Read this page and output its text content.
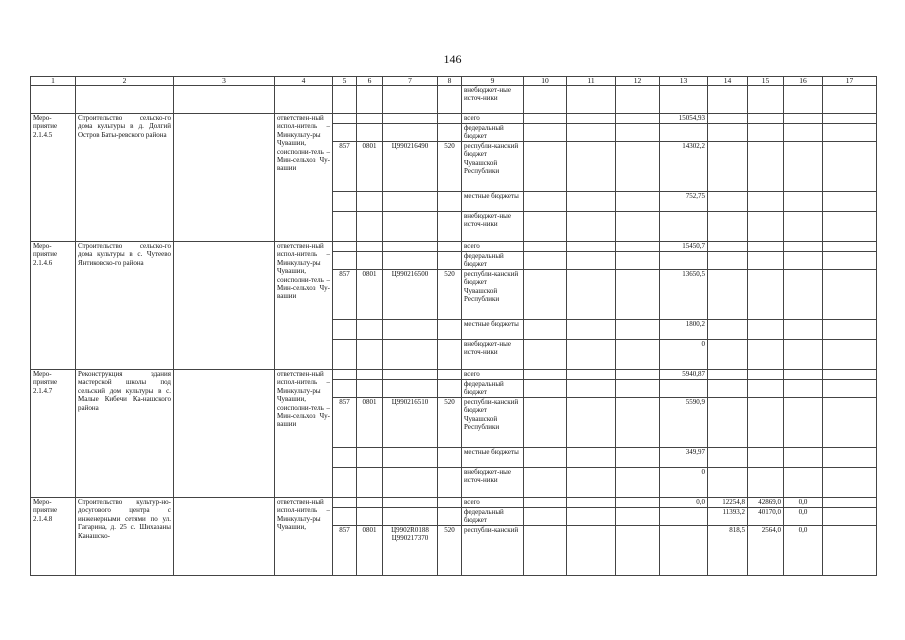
146
1	2	3	4	5	6	7	8	9	10	11	12	13	14	15	16	17
								внебюджет-ные источ-ники								
Меро-приятие 2.1.4.5	Строительство сельско-го дома культуры в д. Долгий Остров Баты-ревского района		ответствен-ный испол-нитель – Минкульту-ры Чувашии, соисполни-тель – Мин-сельхоз Чу-вашии					всего				15054,93				
								федеральный бюджет								
				857	0801	Ц990216490	520	республи-канский бюджет Чувашской Республики				14302,2				
								местные бюджеты				752,75				
								внебюджет-ные источ-ники								
Меро-приятие 2.1.4.6	Строительство сельско-го дома культуры в с. Чутеево Янтиковско-го района		ответствен-ный испол-нитель – Минкульту-ры Чувашии, соисполни-тель – Мин-сельхоз Чу-вашии					всего				15450,7				
								федеральный бюджет								
				857	0801	Ц990216500	520	республи-канский бюджет Чувашской Республики				13650,5				
								местные бюджеты				1800,2				
								внебюджет-ные источ-ники				0				
Меро-приятие 2.1.4.7	Реконструкция здания мастерской школы под сельский дом культуры в с. Малые Кибечи Ка-нашского района		ответствен-ный испол-нитель – Минкульту-ры Чувашии, соисполни-тель – Мин-сельхоз Чу-вашии					всего				5940,87				
								федеральный бюджет								
				857	0801	Ц990216510	520	республи-канский бюджет Чувашской Республики				5590,9				
								местные бюджеты				349,97				
								внебюджет-ные источ-ники				0				
Меро-приятие 2.1.4.8	Строительство культур-но-досугового центра с инженерными сетями по ул. Гагарина, д. 25 с. Шихазаны Канашско-		ответствен-ный испол-нитель – Минкульту-ры Чувашии,					всего				0,0	12254,8	42869,0	0,0	
								федеральный бюджет					11393,2	40170,0	0,0	
				857	0801	Ц9902R0188 Ц990217370	520	республи-канский					818,5	2564,0	0,0	
